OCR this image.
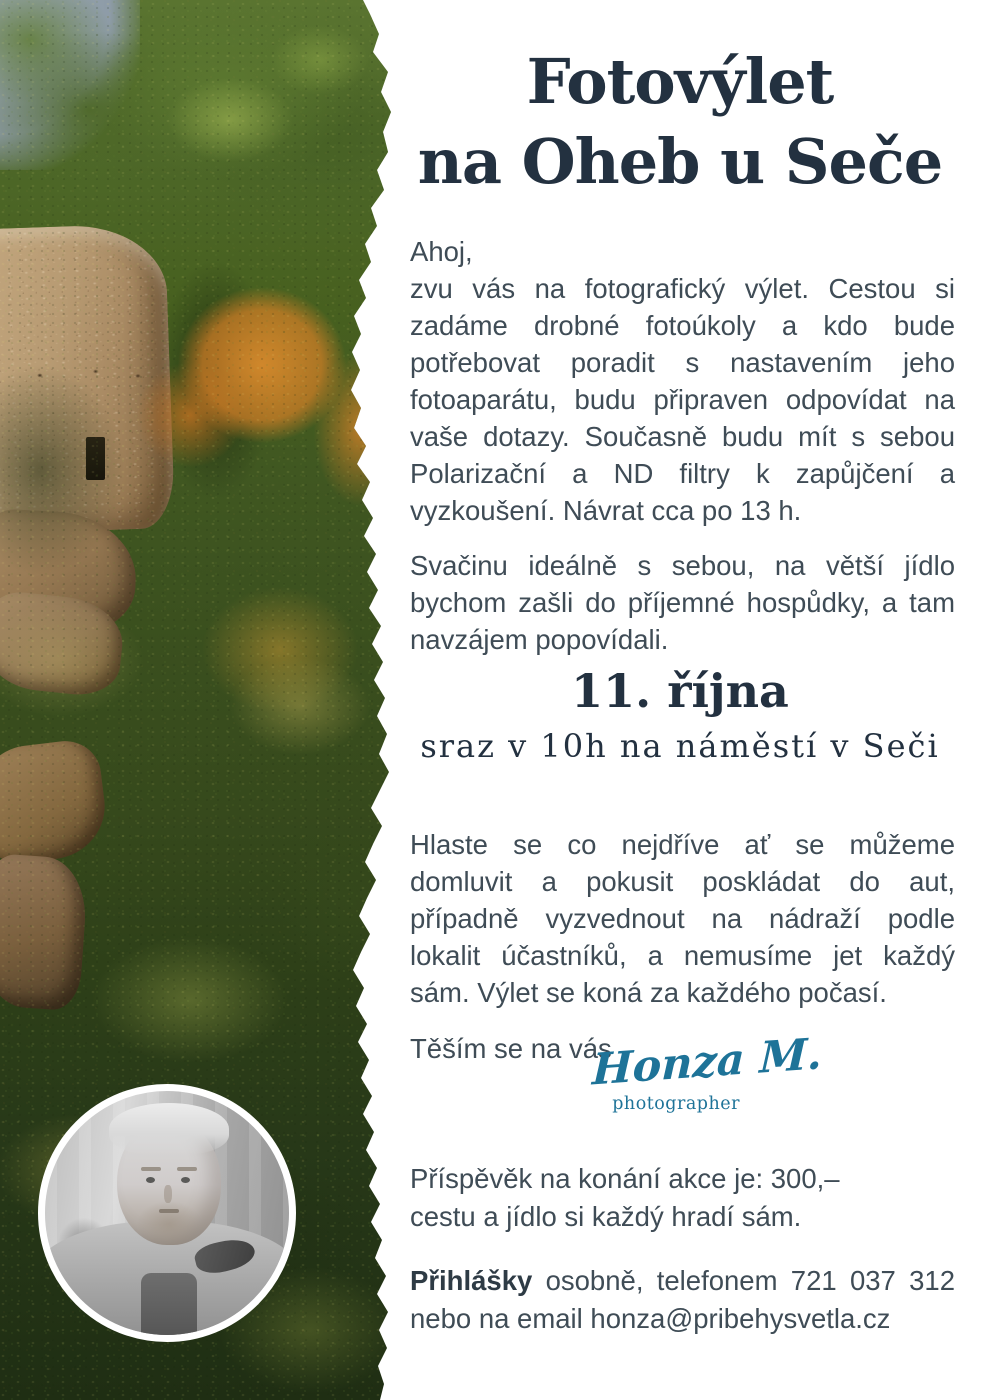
Fotovýlet
na Oheb u Seče

Ahoj,

zvu vás na fotografický výlet. Cestou si zadáme drobné fotoúkoly a kdo bude potřebovat poradit s nastavením jeho fotoaparátu, budu připraven odpovídat na vaše dotazy. Současně budu mít s sebou Polarizační a ND filtry k zapůjčení a vyzkoušení. Návrat cca po 13 h.

Svačinu ideálně s sebou, na větší jídlo bychom zašli do příjemné hospůdky, a tam navzájem popovídali.

11. října
sraz v 10h na náměstí v Seči

Hlaste se co nejdříve ať se můžeme domluvit a pokusit poskládat do aut, případně vyzvednout na nádraží podle lokalit účastníků, a nemusíme jet každý sám. Výlet se koná za každého počasí.

Těším se na vás

Honza M.
photographer

Příspěvěk na konání akce je: 300,–
cestu a jídlo si každý hradí sám.

Přihlášky osobně, telefonem 721 037 312 nebo na email honza@pribehysvetla.cz
